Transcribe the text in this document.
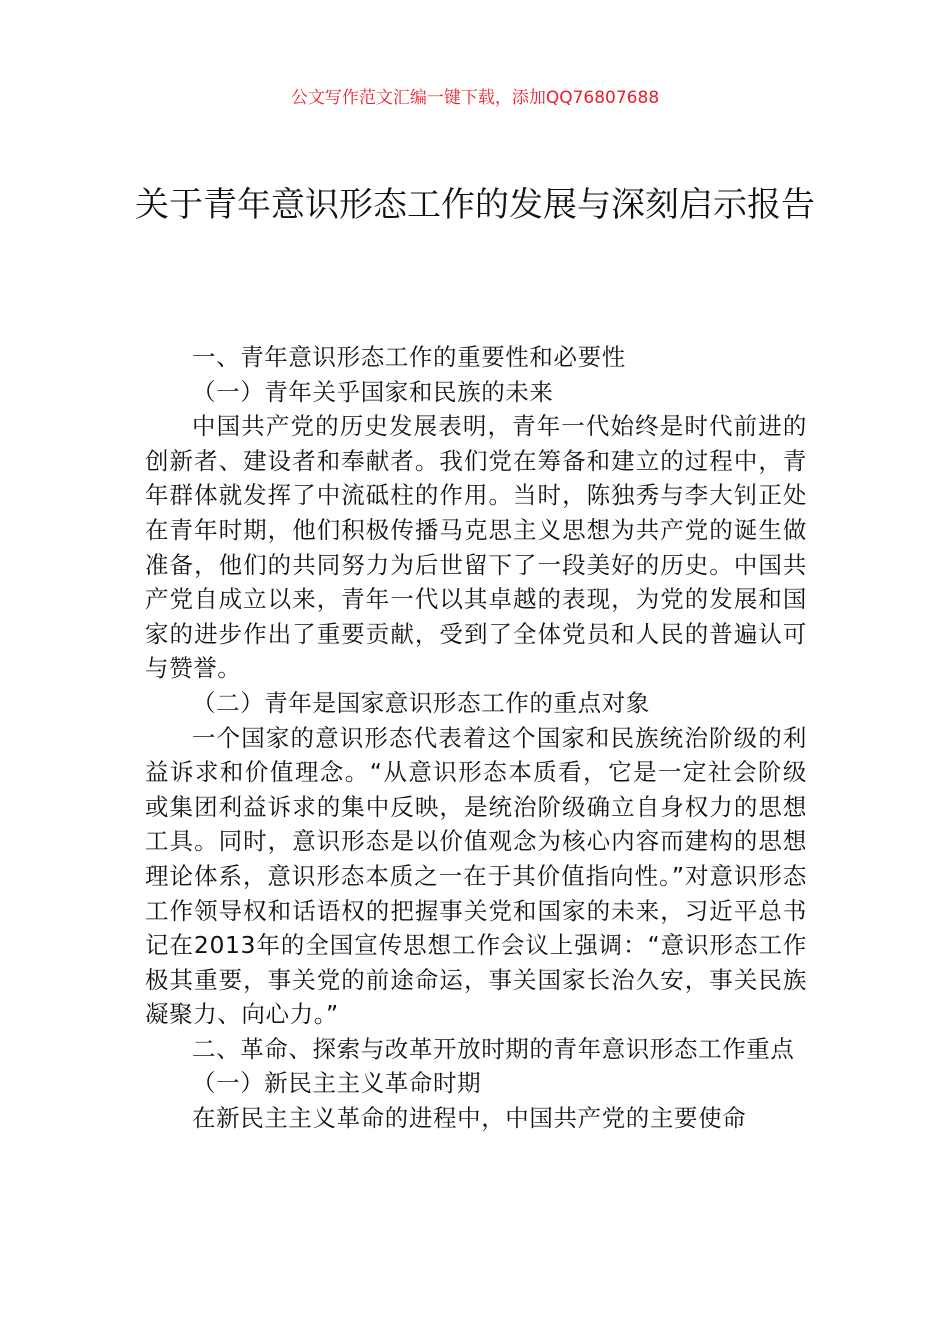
公文写作范文汇编一键下载，添加QQ76807688
关于青年意识形态工作的发展与深刻启示报告

一、青年意识形态工作的重要性和必要性

（一）青年关乎国家和民族的未来

中国共产党的历史发展表明，青年一代始终是时代前进的创新者、建设者和奉献者。我们党在筹备和建立的过程中，青年群体就发挥了中流砥柱的作用。当时，陈独秀与李大钊正处在青年时期，他们积极传播马克思主义思想为共产党的诞生做准备，他们的共同努力为后世留下了一段美好的历史。中国共产党自成立以来，青年一代以其卓越的表现，为党的发展和国家的进步作出了重要贡献，受到了全体党员和人民的普遍认可与赞誉。

（二）青年是国家意识形态工作的重点对象

一个国家的意识形态代表着这个国家和民族统治阶级的利益诉求和价值理念。“从意识形态本质看，它是一定社会阶级或集团利益诉求的集中反映，是统治阶级确立自身权力的思想工具。同时，意识形态是以价值观念为核心内容而建构的思想理论体系，意识形态本质之一在于其价值指向性。”对意识形态工作领导权和话语权的把握事关党和国家的未来，习近平总书记在2013年的全国宣传思想工作会议上强调：“意识形态工作极其重要，事关党的前途命运，事关国家长治久安，事关民族凝聚力、向心力。”

二、革命、探索与改革开放时期的青年意识形态工作重点

（一）新民主主义革命时期

在新民主主义革命的进程中，中国共产党的主要使命
